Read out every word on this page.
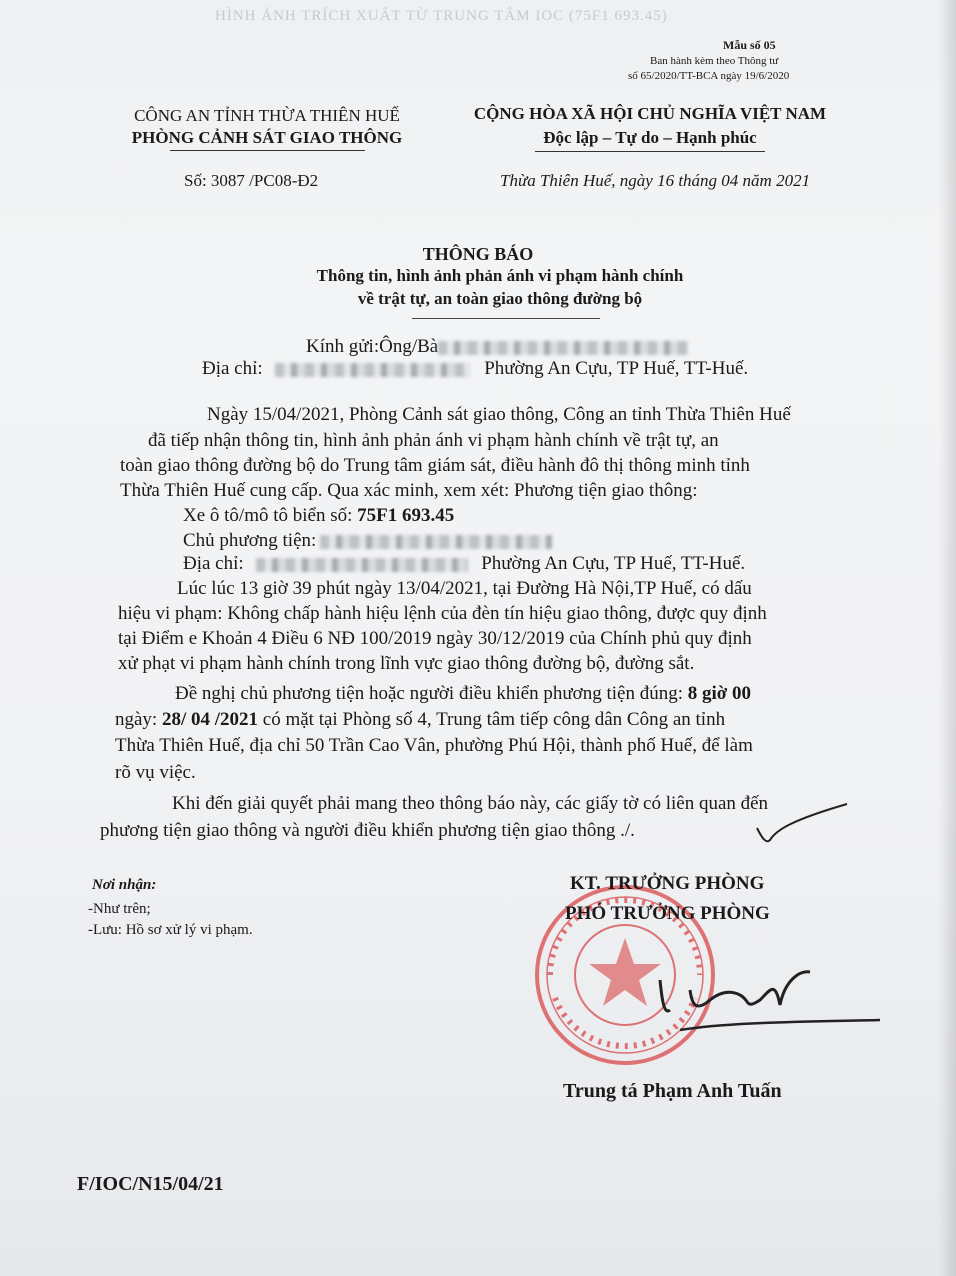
HÌNH ẢNH TRÍCH XUẤT TỪ TRUNG TÂM IOC (75F1 693.45)
Mẫu số 05
Ban hành kèm theo Thông tư
số 65/2020/TT-BCA ngày 19/6/2020
CÔNG AN TỈNH THỪA THIÊN HUẾ
PHÒNG CẢNH SÁT GIAO THÔNG
Số: 3087 /PC08-Đ2
CỘNG HÒA XÃ HỘI CHỦ NGHĨA VIỆT NAM
Độc lập – Tự do – Hạnh phúc
Thừa Thiên Huế, ngày 16 tháng 04 năm 2021
THÔNG BÁO
Thông tin, hình ảnh phản ánh vi phạm hành chính
về trật tự, an toàn giao thông đường bộ
Kính gửi:Ông/Bà
Địa chỉ:	Phường An Cựu, TP Huế, TT-Huế.
Ngày 15/04/2021, Phòng Cảnh sát giao thông, Công an tỉnh Thừa Thiên Huế
đã tiếp nhận thông tin, hình ảnh phản ánh vi phạm hành chính về trật tự, an
toàn giao thông đường bộ do Trung tâm giám sát, điều hành đô thị thông minh tỉnh
Thừa Thiên Huế cung cấp. Qua xác minh, xem xét: Phương tiện giao thông:
Xe ô tô/mô tô biển số: 75F1 693.45
Chủ phương tiện:
Địa chỉ:	Phường An Cựu, TP Huế, TT-Huế.
Lúc lúc 13 giờ 39 phút ngày 13/04/2021, tại Đường Hà Nội,TP Huế, có dấu
hiệu vi phạm: Không chấp hành hiệu lệnh của đèn tín hiệu giao thông, được quy định
tại Điểm e Khoản 4 Điều 6 NĐ 100/2019 ngày 30/12/2019 của Chính phủ quy định
xử phạt vi phạm hành chính trong lĩnh vực giao thông đường bộ, đường sắt.
Đề nghị chủ phương tiện hoặc người điều khiển phương tiện đúng: 8 giờ 00
ngày: 28/ 04 /2021 có mặt tại Phòng số 4, Trung tâm tiếp công dân Công an tỉnh
Thừa Thiên Huế, địa chỉ 50 Trần Cao Vân, phường Phú Hội, thành phố Huế, để làm
rõ vụ việc.
Khi đến giải quyết phải mang theo thông báo này, các giấy tờ có liên quan đến
phương tiện giao thông và người điều khiển phương tiện giao thông ./.
Nơi nhận:
-Như trên;
-Lưu: Hồ sơ xử lý vi phạm.
KT. TRƯỞNG PHÒNG
PHÓ TRƯỞNG PHÒNG
Trung tá Phạm Anh Tuấn
F/IOC/N15/04/21
